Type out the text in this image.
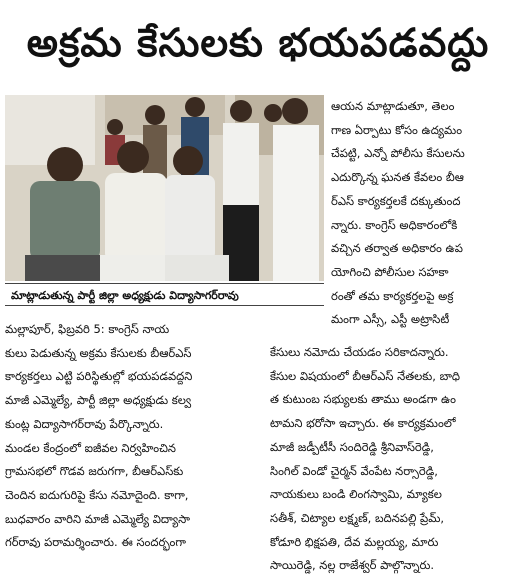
అక్రమ కేసులకు భయపడవద్దు
మాట్లాడుతున్న పార్టీ జిల్లా అధ్యక్షుడు విద్యాసాగర్‌రావు
ఆయన మాట్లాడుతూ, తెలం
గాణ ఏర్పాటు కోసం ఉద్యమం
చేపట్టి, ఎన్నో పోలీసు కేసులను
ఎదుర్కొన్న ఘనత కేవలం బీఆ
ర్‌ఎస్ కార్యకర్తలకే దక్కుతుంద
న్నారు. కాంగ్రెస్ అధికారంలోకి
వచ్చిన తర్వాత అధికారం ఉప
యోగించి పోలీసుల సహకా
రంతో తమ కార్యకర్తలపై అక్ర
మంగా ఎస్సీ, ఎస్టీ అట్రాసిటీ
మల్లాపూర్, ఫిబ్రవరి 5: కాంగ్రెస్ నాయ
కులు పెడుతున్న అక్రమ కేసులకు బీఆర్‌ఎస్
కార్యకర్తలు ఎట్టి పరిస్థితుల్లో భయపడవద్దని
మాజీ ఎమ్మెల్యే, పార్టీ జిల్లా అధ్యక్షుడు కల్వ
కుంట్ల విద్యాసాగర్‌రావు పేర్కొన్నారు.
మండల కేంద్రంలో ఐజీవల నిర్వహించిన
గ్రామసభలో గొడవ జరుగగా, బీఆర్‌ఎస్‌కు
చెందిన ఐదుగురిపై కేసు నమోదైంది. కాగా,
బుధవారం వారిని మాజీ ఎమ్మెల్యే విద్యాసా
గర్‌రావు పరామర్శించారు. ఈ సందర్భంగా
కేసులు నమోదు చేయడం సరికాదన్నారు.
కేసుల విషయంలో బీఆర్‌ఎస్ నేతలకు, బాధి
త కుటుంబ సభ్యులకు తాము అండగా ఉం
టామని భరోసా ఇచ్చారు. ఈ కార్యక్రమంలో
మాజీ జడ్పీటీసీ సందిరెడ్డి శ్రీనివాస్‌రెడ్డి,
సింగిల్ విండో చైర్మన్ వేంపేట నర్సారెడ్డి,
నాయకులు బండి లింగస్వామి, మ్యాకల
సతీశ్, చిట్యాల లక్ష్మణ్, బదినపల్లి ప్రేమ్,
కోడూరి భిక్షపతి, దేవ మల్లయ్య, మారు
సాయిరెడ్డి, నల్ల రాజేశ్వర్ పాల్గొన్నారు.
